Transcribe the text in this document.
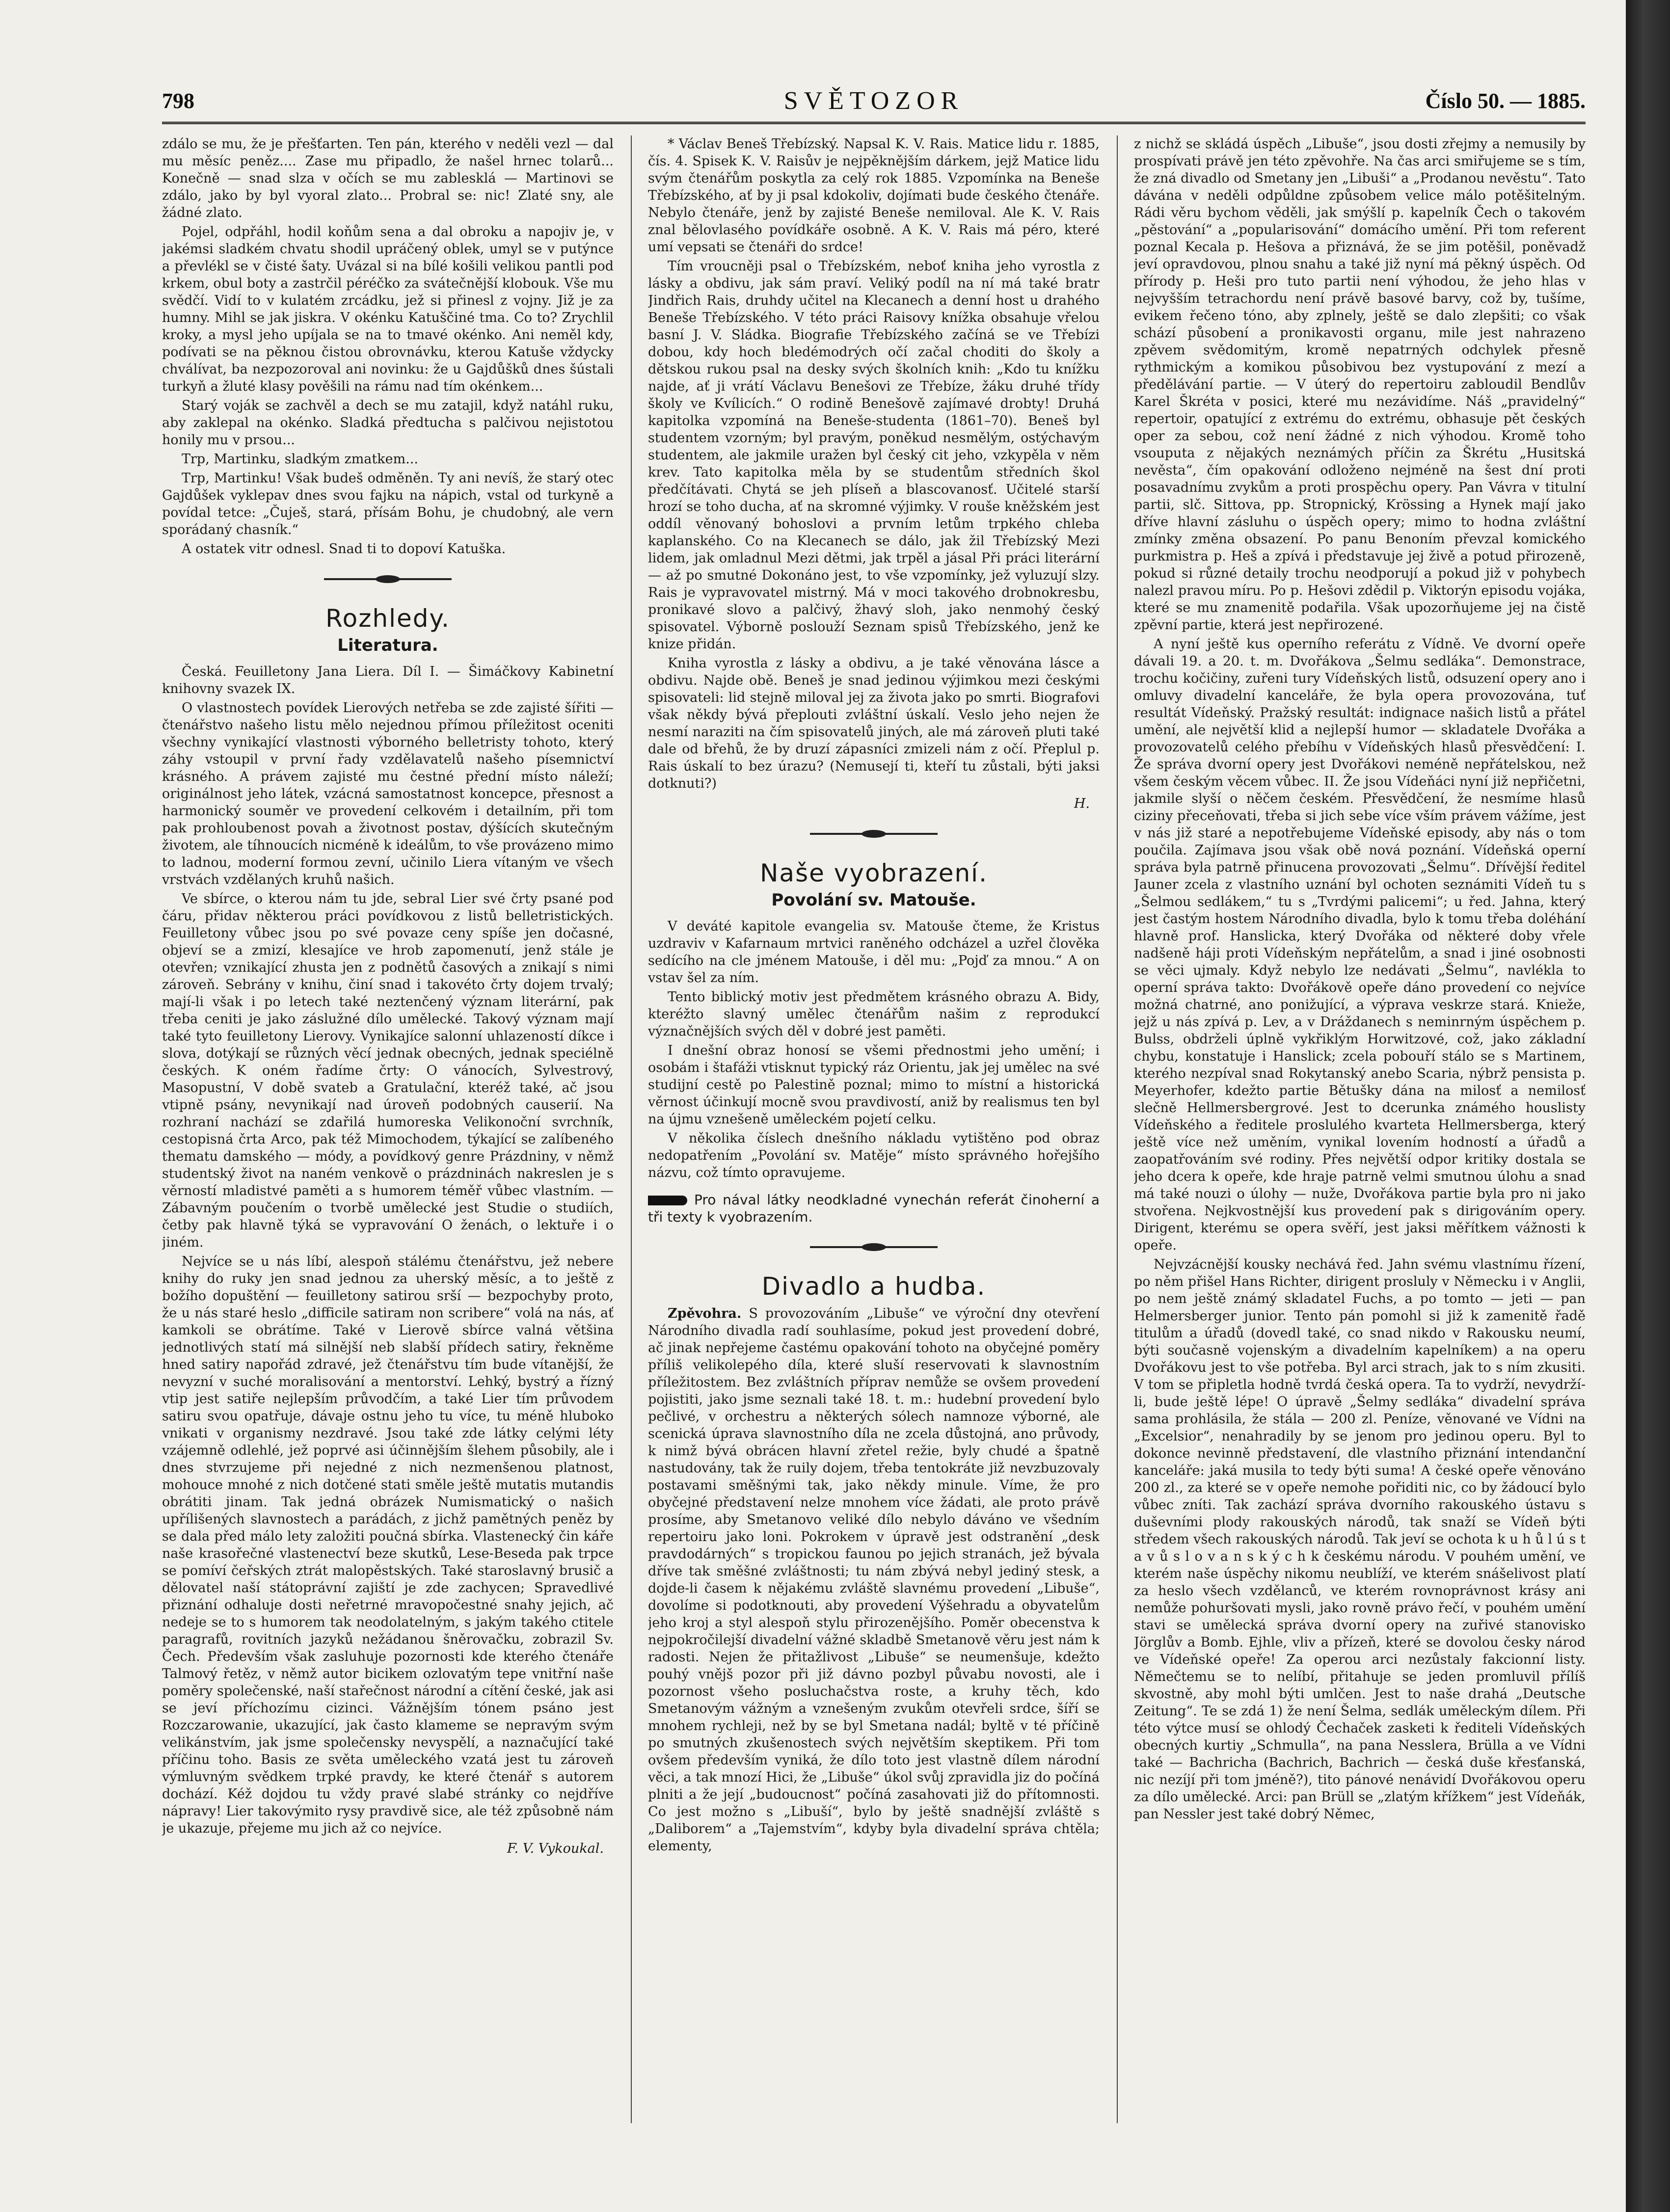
798	SVĚTOZOR	Číslo 50. — 1885.

zdálo se mu, že je přešťarten. Ten pán, kterého v neděli vezl — dal mu měsíc peněz.... Zase mu připadlo, že našel hrnec tolarů... Konečně — snad slza v očích se mu zablesklá — Martinovi se zdálo, jako by byl vyoral zlato... Probral se: nic! Zlaté sny, ale žádné zlato.

Pojel, odpřáhl, hodil koňům sena a dal obroku a napojiv je, v jakémsi sladkém chvatu shodil upráčený oblek, umyl se v putýnce a převlékl se v čisté šaty. Uvázal si na bílé košili velikou pantli pod krkem, obul boty a zastrčil péréčko za svátečnější klobouk. Vše mu svědčí. Vidí to v kulatém zrcádku, jež si přinesl z vojny. Již je za humny. Mihl se jak jiskra. V okénku Katuščiné tma. Co to? Zrychlil kroky, a mysl jeho upíjala se na to tmavé okénko. Ani neměl kdy, podívati se na pěknou čistou obrovnávku, kterou Katuše vždycky chválívat, ba nezpozoroval ani novinku: že u Gajdůšků dnes šústali turkyň a žluté klasy pověšili na rámu nad tím okénkem...

Starý voják se zachvěl a dech se mu zatajil, když natáhl ruku, aby zaklepal na okénko. Sladká předtucha s palčivou nejistotou honily mu v prsou...

Trp, Martinku, sladkým zmatkem...

Trp, Martinku! Však budeš odměněn. Ty ani nevíš, že starý otec Gajdůšek vyklepav dnes svou fajku na nápich, vstal od turkyně a povídal tetce: „Čuješ, stará, přísám Bohu, je chudobný, ale vern sporádaný chasník.“

A ostatek vitr odnesl. Snad ti to dopoví Katuška.

Rozhledy.
Literatura.

Česká. Feuilletony Jana Liera. Díl I. — Šimáčkovy Kabinetní knihovny svazek IX.

O vlastnostech povídek Lierových netřeba se zde zajisté šířiti — čtenářstvo našeho listu mělo nejednou přímou příležitost oceniti všechny vynikající vlastnosti výborného belletristy tohoto, který záhy vstoupil v první řady vzdělavatelů našeho písemnictví krásného. A právem zajisté mu čestné přední místo náleží; originálnost jeho látek, vzácná samostatnost koncepce, přesnost a harmonický souměr ve provedení celkovém i detailním, při tom pak prohloubenost povah a životnost postav, dýšících skutečným životem, ale tíhnoucích nicméně k ideálům, to vše provázeno mimo to ladnou, moderní formou zevní, učinilo Liera vítaným ve všech vrstvách vzdělaných kruhů našich.

Ve sbírce, o kterou nám tu jde, sebral Lier své črty psané pod čáru, přidav některou práci povídkovou z listů belletristických. Feuilletony vůbec jsou po své povaze ceny spíše jen dočasné, objeví se a zmizí, klesajíce ve hrob zapomenutí, jenž stále je otevřen; vznikající zhusta jen z podnětů časových a znikají s nimi zároveň. Sebrány v knihu, činí snad i takovéto črty dojem trvalý; mají-li však i po letech také neztenčený význam literární, pak třeba ceniti je jako záslužné dílo umělecké. Takový význam mají také tyto feuilletony Lierovy. Vynikajíce salonní uhlazeností díkce i slova, dotýkají se různých věcí jednak obecných, jednak speciélně českých. K oném řadíme črty: O vánocích, Sylvestrový, Masopustní, V době svateb a Gratulační, kteréž také, ač jsou vtipně psány, nevynikají nad úroveň podobných causerií. Na rozhraní nachází se zdařilá humoreska Velikonoční svrchník, cestopisná črta Arco, pak též Mimochodem, týkající se zalíbeného thematu damského — módy, a povídkový genre Prázdniny, v němž studentský život na naném venkově o prázdninách nakreslen je s věrností mladistvé paměti a s humorem téměř vůbec vlastním. — Zábavným poučením o tvorbě umělecké jest Studie o studiích, četby pak hlavně týká se vypravování O ženách, o lektuře i o jiném.

Nejvíce se u nás líbí, alespoň stálému čtenářstvu, jež nebere knihy do ruky jen snad jednou za uherský měsíc, a to ještě z božího dopuštění — feuilletony satirou srší — bezpochyby proto, že u nás staré heslo „difficile satiram non scribere“ volá na nás, ať kamkoli se obrátíme. Také v Lierově sbírce valná většina jednotlivých statí má silnější neb slabší přídech satiry, řekněme hned satiry napořád zdravé, jež čtenářstvu tím bude vítanější, že nevyzní v suché moralisování a mentorství. Lehký, bystrý a řízný vtip jest satiře nejlepším průvodčím, a také Lier tím průvodem satiru svou opatřuje, dávaje ostnu jeho tu více, tu méně hluboko vnikati v organismy nezdravé. Jsou také zde látky celými léty vzájemně odlehlé, jež poprvé asi účinnějším šlehem působily, ale i dnes stvrzujeme při nejedné z nich nezmenšenou platnost, mohouce mnohé z nich dotčené stati směle ještě mutatis mutandis obrátiti jinam. Tak jedná obrázek Numismatický o našich upřílišených slavnostech a parádách, z jichž pamětných peněz by se dala před málo lety založiti poučná sbírka. Vlastenecký čin káře naše krasořečné vlastenectví beze skutků, Lese-Beseda pak trpce se pomíví čeřských ztrát malopěstských. Také staroslavný brusič a dělovatel naší státoprávní zajiští je zde zachycen; Spravedlivé přiznání odhaluje dosti neřetrné mravopočestné snahy jejich, ač nedeje se to s humorem tak neodolatelným, s jakým takého ctitele paragrafů, rovitních jazyků nežádanou šněrovačku, zobrazil Sv. Čech. Především však zasluhuje pozornosti kde kterého čtenáře Talmový řetěz, v němž autor bicikem ozlovatým tepe vnitřní naše poměry společenské, naší stařečnost národní a cítění české, jak asi se jeví příchozímu cizinci. Vážnějším tónem psáno jest Rozczarowanie, ukazující, jak často klameme se nepravým svým velikánstvím, jak jsme společensky nevyspělí, a naznačující také příčinu toho. Basis ze světa uměleckého vzatá jest tu zároveň výmluvným svědkem trpké pravdy, ke které čtenář s autorem dochází. Kéž dojdou tu vždy pravé slabé stránky co nejdříve nápravy! Lier takovýmito rysy pravdivě sice, ale též způsobně nám je ukazuje, přejeme mu jich až co nejvíce.

F. V. Vykoukal.

* Václav Beneš Třebízský. Napsal K. V. Rais. Matice lidu r. 1885, čís. 4. Spisek K. V. Raisův je nejpěknějším dárkem, jejž Matice lidu svým čtenářům poskytla za celý rok 1885. Vzpomínka na Beneše Třebízského, ať by ji psal kdokoliv, dojímati bude českého čtenáře. Nebylo čtenáře, jenž by zajisté Beneše nemiloval. Ale K. V. Rais znal bělovlasého povídkáře osobně. A K. V. Rais má péro, které umí vepsati se čtenáři do srdce!

Tím vroucněji psal o Třebízském, neboť kniha jeho vyrostla z lásky a obdivu, jak sám praví. Veliký podíl na ní má také bratr Jindřich Rais, druhdy učitel na Klecanech a denní host u drahého Beneše Třebízského. V této práci Raisovy knížka obsahuje vřelou basní J. V. Sládka. Biografie Třebízského začíná se ve Třebízi dobou, kdy hoch bledémodrých očí začal choditi do školy a dětskou rukou psal na desky svých školních knih: „Kdo tu knížku najde, ať ji vrátí Václavu Benešovi ze Třebíze, žáku druhé třídy školy ve Kvílicích.“ O rodině Benešově zajímavé drobty! Druhá kapitolka vzpomíná na Beneše-studenta (1861–70). Beneš byl studentem vzorným; byl pravým, poněkud nesmělým, ostýchavým studentem, ale jakmile uražen byl český cit jeho, vzkypěla v něm krev. Tato kapitolka měla by se studentům středních škol předčítávati. Chytá se jeh plíseň a blascovanosť. Učitelé starší hrozí se toho ducha, ať na skromné výjimky. V rouše kněžském jest oddíl věnovaný bohoslovi a prvním letům trpkého chleba kaplanského. Co na Klecanech se dálo, jak žil Třebízský Mezi lidem, jak omladnul Mezi dětmi, jak trpěl a jásal Při práci literární — až po smutné Dokonáno jest, to vše vzpomínky, jež vyluzují slzy. Rais je vypravovatel mistrný. Má v moci takového drobnokresbu, pronikavé slovo a palčivý, žhavý sloh, jako nenmohý český spisovatel. Výborně poslouží Seznam spisů Třebízského, jenž ke knize přidán.

Kniha vyrostla z lásky a obdivu, a je také věnována lásce a obdivu. Najde obě. Beneš je snad jedinou výjimkou mezi českými spisovateli: lid stejně miloval jej za života jako po smrti. Biografovi však někdy bývá přeplouti zvláštní úskalí. Veslo jeho nejen že nesmí naraziti na čím spisovatelů jiných, ale má zároveň pluti také dale od břehů, že by druzí zápasníci zmizeli nám z očí. Přeplul p. Rais úskalí to bez úrazu? (Nemusejí ti, kteří tu zůstali, býti jaksi dotknuti?)

H.

Naše vyobrazení.
Povolání sv. Matouše.

V deváté kapitole evangelia sv. Matouše čteme, že Kristus uzdraviv v Kafarnaum mrtvici raněného odcházel a uzřel člověka sedícího na cle jménem Matouše, i děl mu: „Pojď za mnou.“ A on vstav šel za ním.

Tento biblický motiv jest předmětem krásného obrazu A. Bidy, kteréžto slavný umělec čtenářům našim z reprodukcí význačnějších svých děl v dobré jest paměti.

I dnešní obraz honosí se všemi přednostmi jeho umění; i osobám i štafáži vtisknut typický ráz Orientu, jak jej umělec na své studijní cestě po Palestině poznal; mimo to místní a historická věrnost účinkují mocně svou pravdivostí, aniž by realismus ten byl na újmu vznešeně uměleckém pojetí celku.

V několika číslech dnešního nákladu vytištěno pod obraz nedopatřením „Povolání sv. Matěje“ místo správného hořejšího názvu, což tímto opravujeme.

Pro nával látky neodkladné vynechán referát činoherní a tři texty k vyobrazením.

Divadlo a hudba.

Zpěvohra. S provozováním „Libuše“ ve výroční dny otevření Národního divadla radí souhlasíme, pokud jest provedení dobré, ač jinak nepřejeme častému opakování tohoto na obyčejné poměry příliš velikolepého díla, které sluší reservovati k slavnostním příležitostem. Bez zvláštních příprav nemůže se ovšem provedení pojistiti, jako jsme seznali také 18. t. m.: hudební provedení bylo pečlivé, v orchestru a některých sólech namnoze výborné, ale scenická úprava slavnostního díla ne zcela důstojná, ano průvody, k nimž bývá obrácen hlavní zřetel režie, byly chudé a špatně nastudovány, tak že ruily dojem, třeba tentokráte již nevzbuzovaly postavami směšnými tak, jako někdy minule. Víme, že pro obyčejné představení nelze mnohem více žádati, ale proto právě prosíme, aby Smetanovo veliké dílo nebylo dáváno ve všedním repertoiru jako loni. Pokrokem v úpravě jest odstranění „desk pravdodárných“ s tropickou faunou po jejich stranách, jež bývala dříve tak směšné zvláštnosti; tu nám zbývá nebyl jediný stesk, a dojde-li časem k nějakému zvláště slavnému provedení „Libuše“, dovolíme si podotknouti, aby provedení Výšehradu a obyvatelům jeho kroj a styl alespoň stylu přirozenějšího. Poměr obecenstva k nejpokročilejší divadelní vážné skladbě Smetanově věru jest nám k radosti. Nejen že přitažlivost „Libuše“ se neumenšuje, kdežto pouhý vnějš pozor při již dávno pozbyl půvabu novosti, ale i pozornost všeho posluchačstva roste, a kruhy těch, kdo Smetanovým vážným a vznešeným zvukům otevřeli srdce, šíří se mnohem rychleji, než by se byl Smetana nadál; byltě v té příčině po smutných zkušenostech svých největším skeptikem. Při tom ovšem především vyniká, že dílo toto jest vlastně dílem národní věci, a tak mnozí Hici, že „Libuše“ úkol svůj zpravidla jiz do počíná plniti a že její „budoucnost“ počíná zasahovati již do přítomnosti. Co jest možno s „Libuší“, bylo by ještě snadnější zvláště s „Daliborem“ a „Tajemstvím“, kdyby byla divadelní správa chtěla; elementy,

z nichž se skládá úspěch „Libuše“, jsou dosti zřejmy a nemusily by prospívati právě jen této zpěvohře. Na čas arci smiřujeme se s tím, že zná divadlo od Smetany jen „Libuši“ a „Prodanou nevěstu“. Tato dávána v neděli odpůldne způsobem velice málo potěšitelným. Rádi věru bychom věděli, jak smýšlí p. kapelník Čech o takovém „pěstování“ a „popularisování“ domácího umění. Při tom referent poznal Kecala p. Hešova a přiznává, že se jim potěšil, poněvadž jeví opravdovou, plnou snahu a také již nyní má pěkný úspěch. Od přírody p. Heši pro tuto partii není výhodou, že jeho hlas v nejvyšším tetrachordu není právě basové barvy, což by, tušíme, evikem řečeno tóno, aby zplnely, ještě se dalo zlepšiti; co však schází působení a pronikavosti organu, mile jest nahrazeno zpěvem svědomitým, kromě nepatrných odchylek přesně rythmickým a komikou působivou bez vystupování z mezí a předělávání partie. — V úterý do repertoiru zabloudil Bendlův Karel Škréta v posici, které mu nezávidíme. Náš „pravidelný“ repertoir, opatující z extrému do extrému, obhasuje pět českých oper za sebou, což není žádné z nich výhodou. Kromě toho vsouputa z nějakých neznámých příčin za Škrétu „Husitská nevěsta“, čím opakování odloženo nejméně na šest dní proti posavadnímu zvykům a proti prospěchu opery. Pan Vávra v titulní partii, slč. Sittova, pp. Stropnický, Krössing a Hynek mají jako dříve hlavní zásluhu o úspěch opery; mimo to hodna zvláštní zmínky změna obsazení. Po panu Benoním převzal komického purkmistra p. Heš a zpívá i představuje jej živě a potud přirozeně, pokud si různé detaily trochu neodporují a pokud již v pohybech nalezl pravou míru. Po p. Hešovi zdědil p. Viktorýn episodu vojáka, které se mu znamenitě podařila. Však upozorňujeme jej na čistě zpěvní partie, která jest nepřirozené.

A nyní ještě kus operního referátu z Vídně. Ve dvorní opeře dávali 19. a 20. t. m. Dvořákova „Šelmu sedláka“. Demonstrace, trochu kočičiny, zuřeni tury Vídeňských listů, odsuzení opery ano i omluvy divadelní kanceláře, že byla opera provozována, tuť resultát Vídeňský. Pražský resultát: indignace našich listů a přátel umění, ale největší klid a nejlepší humor — skladatele Dvořáka a provozovatelů celého přebíhu v Vídeňských hlasů přesvědčení: I. Že správa dvorní opery jest Dvořákovi neméně nepřátelskou, než všem českým věcem vůbec. II. Že jsou Vídeňáci nyní již nepřičetni, jakmile slyší o něčem českém. Přesvědčení, že nesmíme hlasů ciziny přeceňovati, třeba si jich sebe více vším právem vážíme, jest v nás již staré a nepotřebujeme Vídeňské episody, aby nás o tom poučila. Zajímava jsou však obě nová poznání. Vídeňská operní správa byla patrně přinucena provozovati „Šelmu“. Dřívější ředitel Jauner zcela z vlastního uznání byl ochoten seznámiti Vídeň tu s „Šelmou sedlákem,“ tu s „Tvrdými palicemi“; u řed. Jahna, který jest častým hostem Národního divadla, bylo k tomu třeba doléhání hlavně prof. Hanslicka, který Dvořáka od některé doby vřele nadšeně háji proti Vídeňským nepřátelům, a snad i jiné osobnosti se věci ujmaly. Když nebylo lze nedávati „Šelmu“, navlékla to operní správa takto: Dvořákově opeře dáno provedení co nejvíce možná chatrné, ano ponižující, a výprava veskrze stará. Knieže, jejž u nás zpívá p. Lev, a v Dráždanech s neminrným úspěchem p. Bulss, obdrželi úplně vykřiklým Horwitzové, což, jako základní chybu, konstatuje i Hanslick; zcela pobouří stálo se s Martinem, kterého nezpíval snad Rokytanský anebo Scaria, nýbrž pensista p. Meyerhofer, kdežto partie Bětušky dána na milosť a nemilosť slečně Hellmersbergrové. Jest to dcerunka známého houslisty Vídeňského a ředitele proslulého kvarteta Hellmersberga, který ještě více než uměním, vynikal lovením hodností a úřadů a zaopatřováním své rodiny. Přes největší odpor kritiky dostala se jeho dcera k opeře, kde hraje patrně velmi smutnou úlohu a snad má také nouzi o úlohy — nuže, Dvořákova partie byla pro ni jako stvořena. Nejkvostnější kus provedení pak s dirigováním opery. Dirigent, kterému se opera svěří, jest jaksi měřítkem vážnosti k opeře.

Nejvzácnější kousky nechává řed. Jahn svému vlastnímu řízení, po něm přišel Hans Richter, dirigent prosluly v Německu i v Anglii, po nem ještě známý skladatel Fuchs, a po tomto — jeti — pan Helmersberger junior. Tento pán pomohl si již k zamenitě řadě titulům a úřadů (dovedl také, co snad nikdo v Rakousku neumí, býti současně vojenským a divadelním kapelníkem) a na operu Dvořákovu jest to vše potřeba. Byl arci strach, jak to s ním zkusiti. V tom se připletla hodně tvrdá česká opera. Ta to vydrží, nevydrží-li, bude ještě lépe! O úpravě „Šelmy sedláka“ divadelní správa sama prohlásila, že stála — 200 zl. Peníze, věnované ve Vídni na „Excelsior“, nenahradily by se jenom pro jedinou operu. Byl to dokonce nevinně představení, dle vlastního přiznání intendanční kanceláře: jaká musila to tedy býti suma! A české opeře věnováno 200 zl., za které se v opeře nemohe pořiditi nic, co by žádoucí bylo vůbec zníti. Tak zachází správa dvorního rakouského ústavu s duševními plody rakouských národů, tak snaží se Vídeň býti středem všech rakouských národů. Tak jeví se ochota k u h ů l ú s t a v ů s l o v a n s k ý c h k českému národu. V pouhém umění, ve kterém naše úspěchy nikomu neublíží, ve kterém snášelivost platí za heslo všech vzdělanců, ve kterém rovnoprávnost krásy ani nemůže pohuršovati mysli, jako rovně právo řečí, v pouhém umění stavi se umělecká správa dvorní opery na zuřivé stanovisko Jörglův a Bomb. Ejhle, vliv a přízeň, které se dovolou česky národ ve Vídeňské opeře! Za operou arci nezůstaly fakcionní listy. Němečtemu se to nelíbí, přitahuje se jeden promluvil přílíš skvostně, aby mohl býti umlčen. Jest to naše drahá „Deutsche Zeitung“. Te se zdá 1) že není Šelma, sedlák uměleckým dílem. Při této výtce musí se ohlodý Čechaček zasketi k řediteli Vídeňských obecných kurtiy „Schmulla“, na pana Nesslera, Brülla a ve Vídni také — Bachricha (Bachrich, Bachrich — česká duše křesťanská, nic nezíjí při tom jméně?), tito pánové nenávidí Dvořákovou operu za dílo umělecké. Arci: pan Brüll se „zlatým křížkem“ jest Vídeňák, pan Nessler jest také dobrý Němec,
